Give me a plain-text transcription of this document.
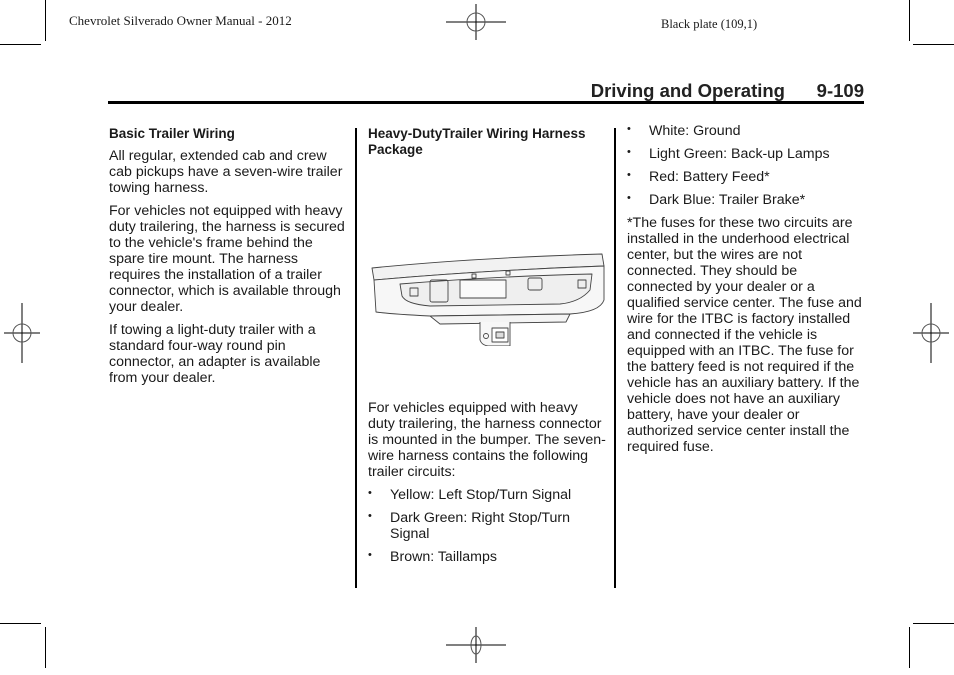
Chevrolet Silverado Owner Manual - 2012	Black plate (109,1)
Driving and Operating 9-109
Basic Trailer Wiring

All regular, extended cab and crew cab pickups have a seven-wire trailer towing harness.

For vehicles not equipped with heavy duty trailering, the harness is secured to the vehicle's frame behind the spare tire mount. The harness requires the installation of a trailer connector, which is available through your dealer.

If towing a light-duty trailer with a standard four-way round pin connector, an adapter is available from your dealer.

Heavy-DutyTrailer Wiring Harness Package

For vehicles equipped with heavy duty trailering, the harness connector is mounted in the bumper. The seven-wire harness contains the following trailer circuits:

• Yellow: Left Stop/Turn Signal
• Dark Green: Right Stop/Turn Signal
• Brown: Taillamps
• White: Ground
• Light Green: Back-up Lamps
• Red: Battery Feed*
• Dark Blue: Trailer Brake*

*The fuses for these two circuits are installed in the underhood electrical center, but the wires are not connected. They should be connected by your dealer or a qualified service center. The fuse and wire for the ITBC is factory installed and connected if the vehicle is equipped with an ITBC. The fuse for the battery feed is not required if the vehicle has an auxiliary battery. If the vehicle does not have an auxiliary battery, have your dealer or authorized service center install the required fuse.
